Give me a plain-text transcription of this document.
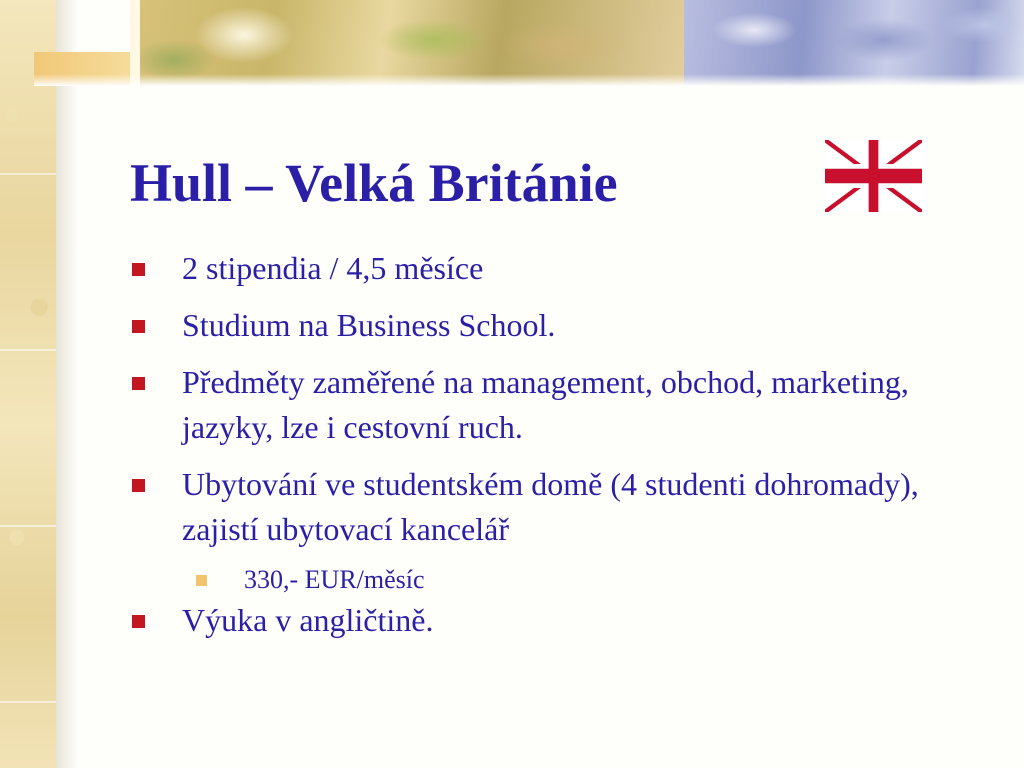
Hull – Velká Británie
2 stipendia / 4,5 měsíce
Studium na Business School.
Předměty zaměřené na management, obchod, marketing, jazyky, lze i cestovní ruch.
Ubytování ve studentském domě (4 studenti dohromady), zajistí ubytovací kancelář
330,- EUR/měsíc
Výuka v angličtině.
